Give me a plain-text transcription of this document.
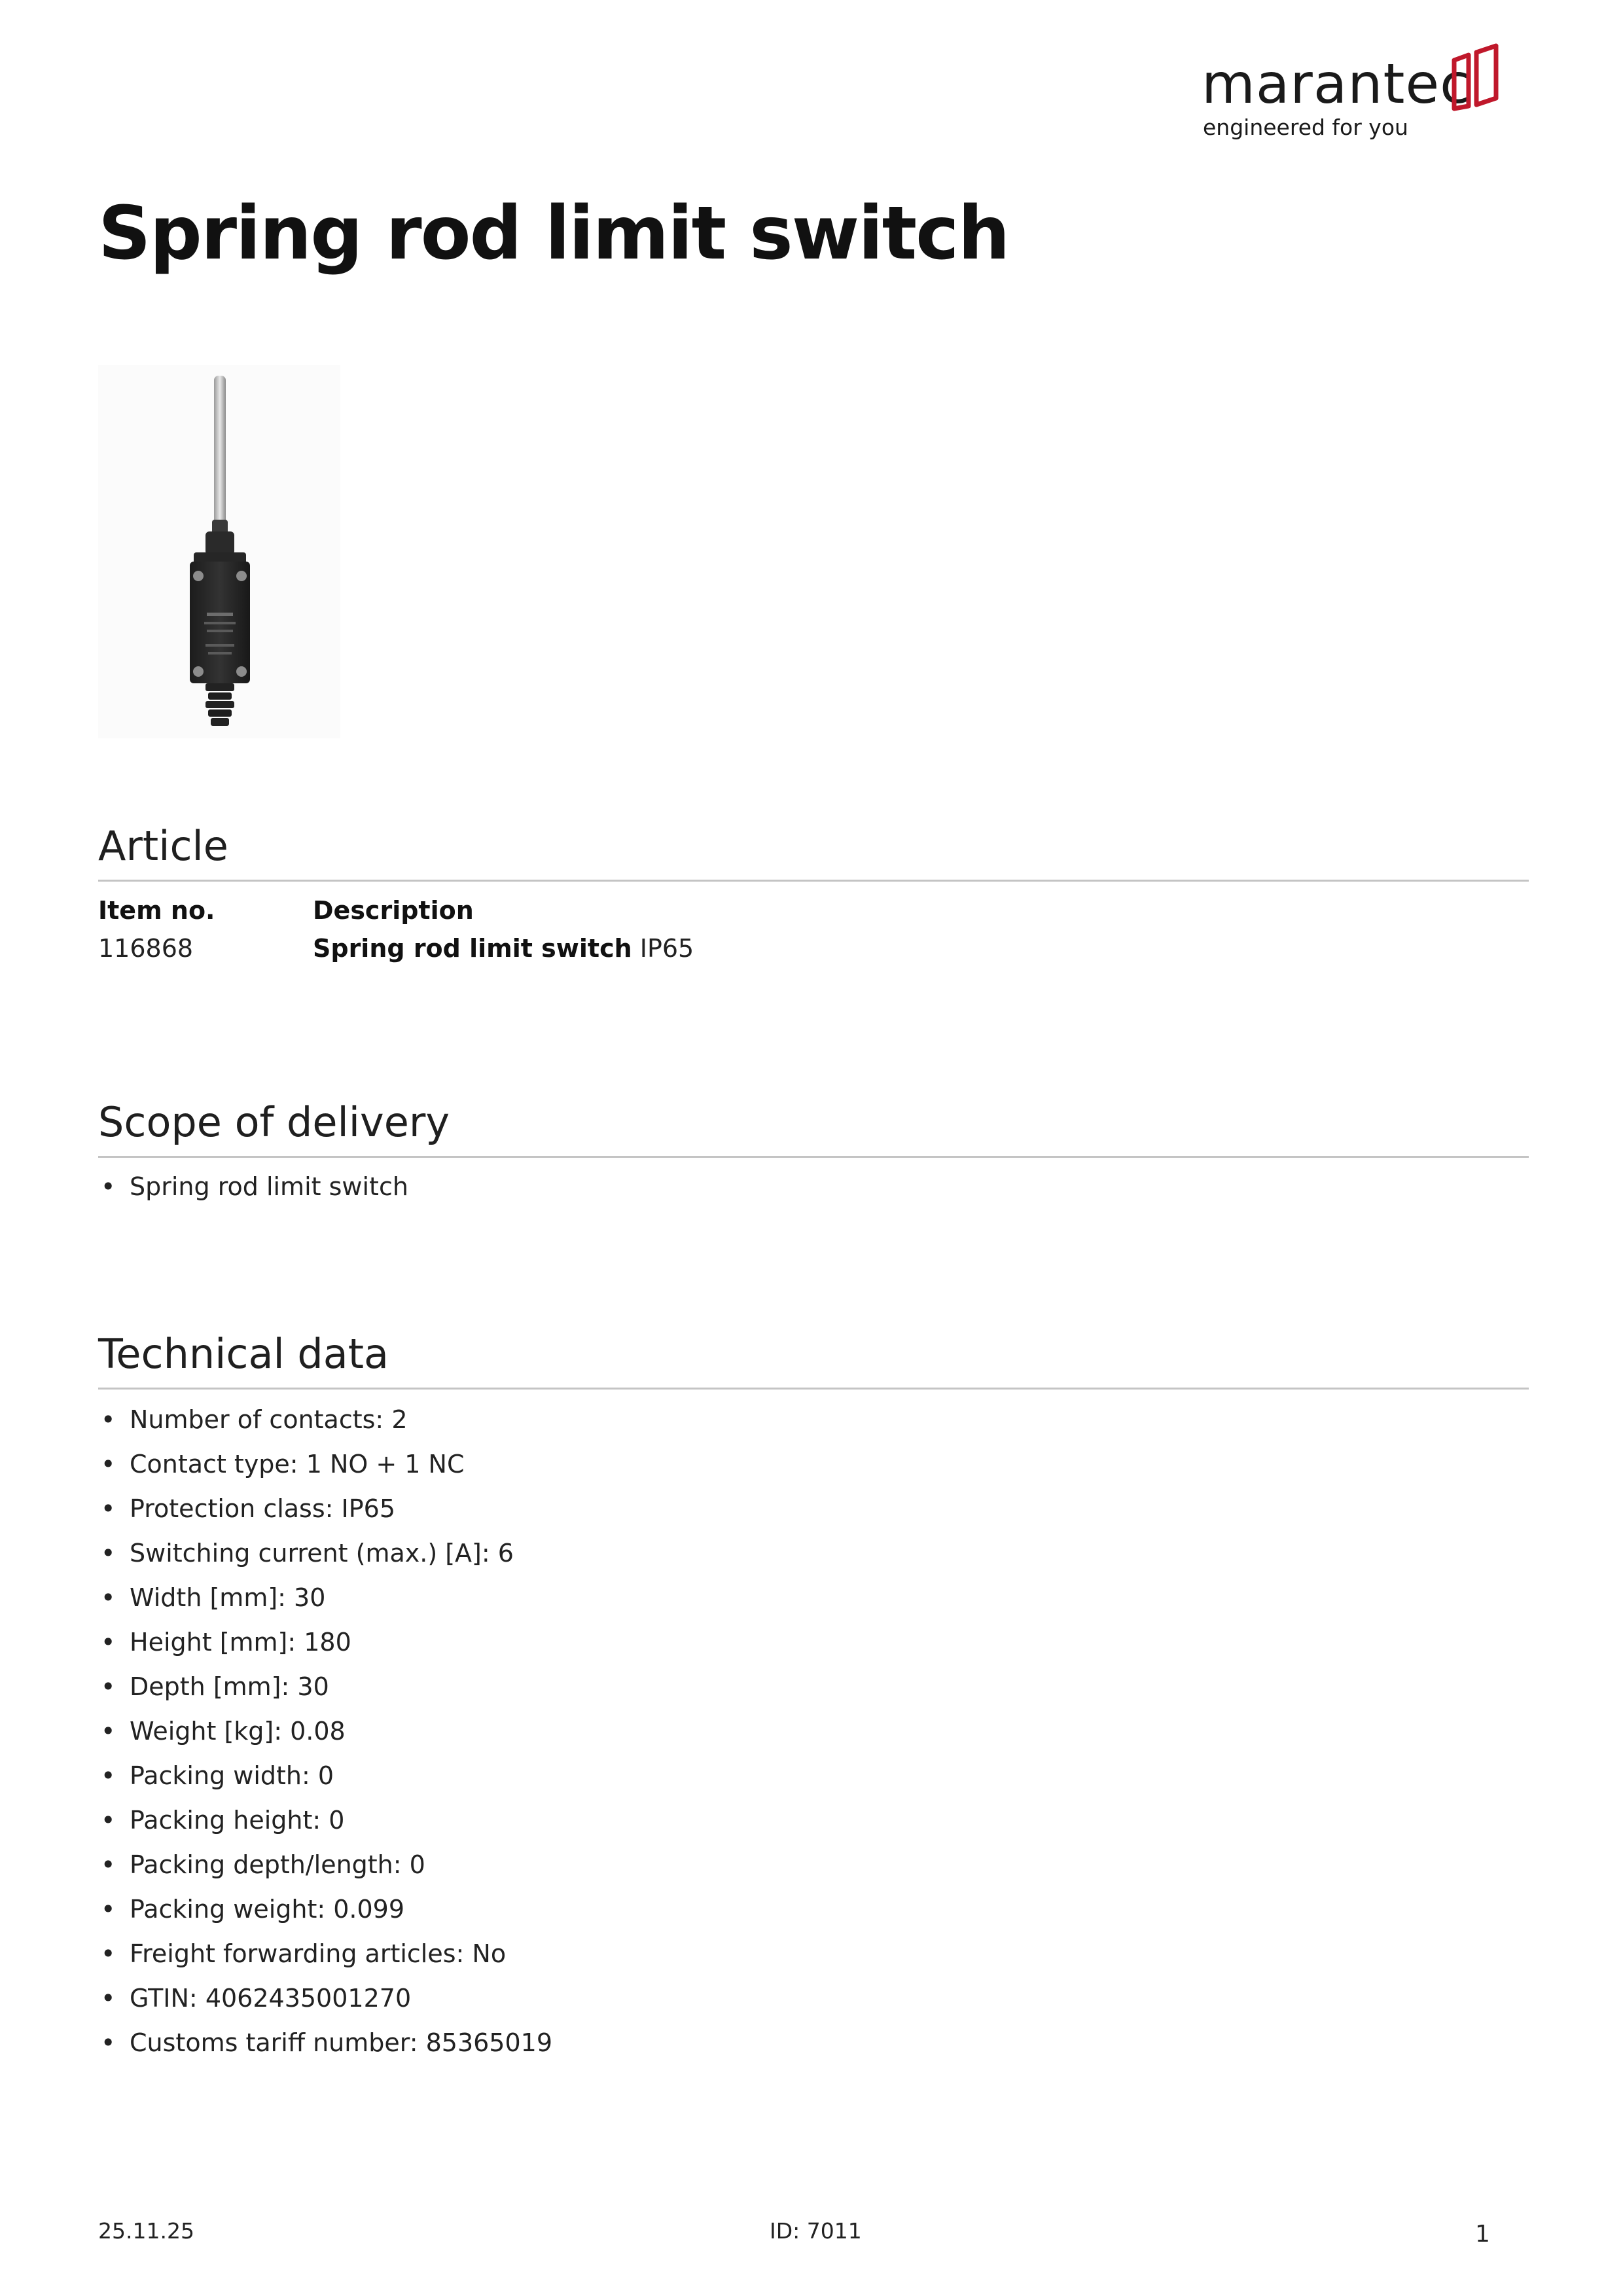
marantec
engineered for you
Spring rod limit switch
Article
Item no.	Description
116868	Spring rod limit switch IP65
Scope of delivery
• Spring rod limit switch
Technical data
• Number of contacts: 2
• Contact type: 1 NO + 1 NC
• Protection class: IP65
• Switching current (max.) [A]: 6
• Width [mm]: 30
• Height [mm]: 180
• Depth [mm]: 30
• Weight [kg]: 0.08
• Packing width: 0
• Packing height: 0
• Packing depth/length: 0
• Packing weight: 0.099
• Freight forwarding articles: No
• GTIN: 4062435001270
• Customs tariff number: 85365019
25.11.25	ID: 7011	1
